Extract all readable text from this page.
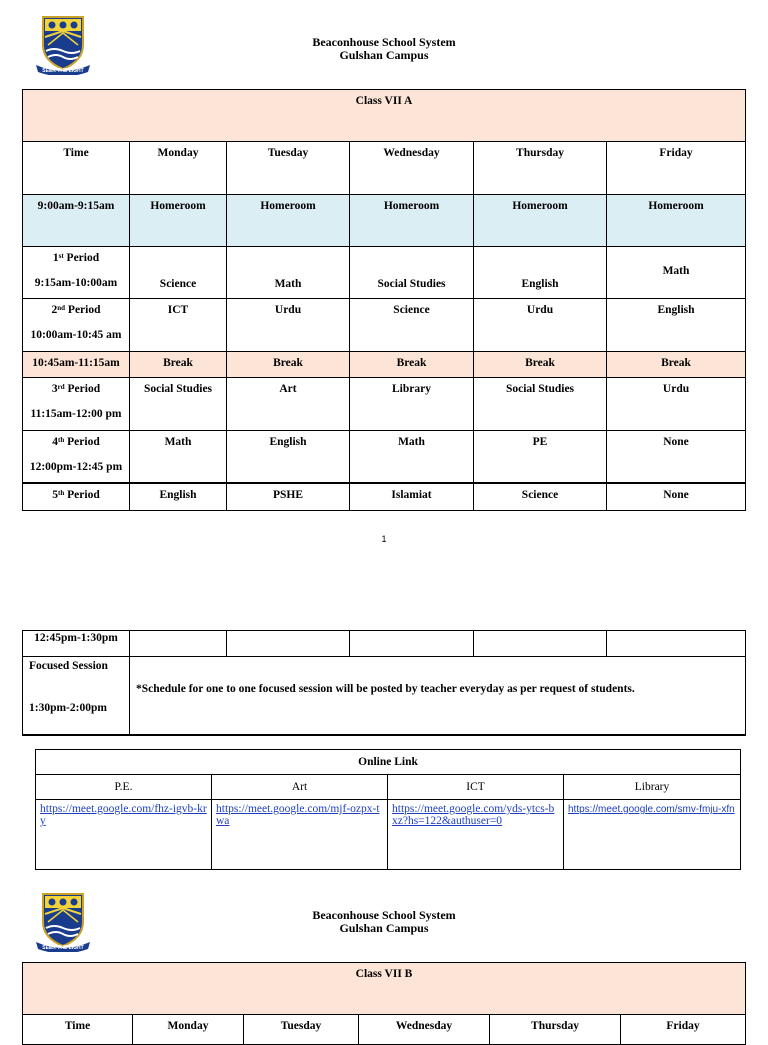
SEEK THE LIGHT
Beaconhouse School System
Gulshan Campus
Class VII A					

Time	Monday	Tuesday	Wednesday	Thursday	Friday

9:00am-9:15am	Homeroom	Homeroom	Homeroom	Homeroom	Homeroom

1st Period
9:15am-10:00am	Science	Math	Social Studies	English	Math

2nd Period
10:00am-10:45 am	ICT	Urdu	Science	Urdu	English

10:45am-11:15am	Break	Break	Break	Break	Break

3rd Period
11:15am-12:00 pm	Social Studies	Art	Library	Social Studies	Urdu

4th Period
12:00pm-12:45 pm	Math	English	Math	PE	None

5th Period	English	PSHE	Islamiat	Science	None
1
12:45pm-1:30pm					

Focused Session
1:30pm-2:00pm	*Schedule for one to one focused session will be posted by teacher everyday as per request of students.				
Online Link			
P.E.	Art	ICT	Library
https://meet.google.com/fhz-igvb-kry	https://meet.google.com/mjf-ozpx-twa	https://meet.google.com/yds-ytcs-bxz?hs=122&authuser=0	https://meet.google.com/smv-fmju-xfn
SEEK THE LIGHT
Beaconhouse School System
Gulshan Campus
Class VII B

Time	Monday	Tuesday	Wednesday	Thursday	Friday
